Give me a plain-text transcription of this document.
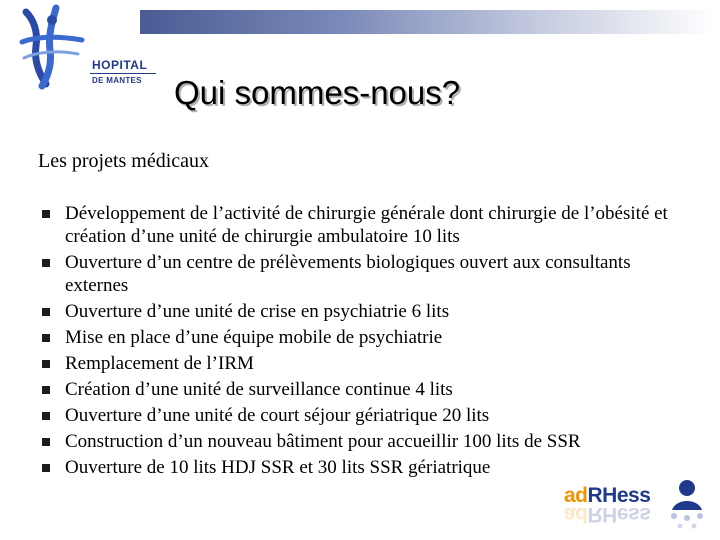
HOPITAL
DE MANTES Qui sommes-nous?
Les projets médicaux
Développement de l’activité de chirurgie générale dont chirurgie de l’obésité et création d’une unité de chirurgie ambulatoire 10 lits
Ouverture d’un centre de prélèvements biologiques ouvert aux consultants externes
Ouverture d’une unité de crise en psychiatrie 6 lits
Mise en place d’une équipe mobile de psychiatrie
Remplacement de l’IRM
Création d’une unité de surveillance continue 4 lits
Ouverture d’une unité de court séjour gériatrique 20 lits
Construction d’un nouveau bâtiment pour accueillir 100 lits de SSR
Ouverture de 10 lits HDJ SSR et 30 lits SSR gériatrique
adRHess
adRHess
